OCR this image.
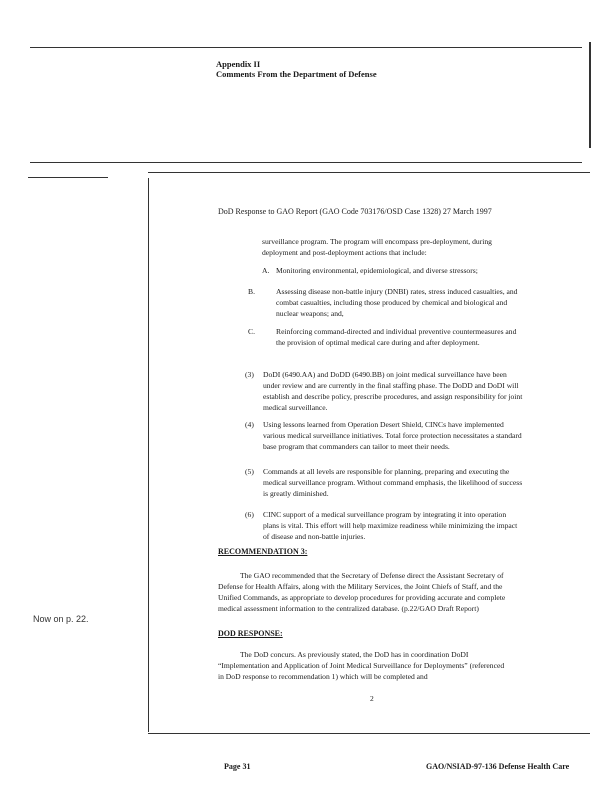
Appendix II
Comments From the Department of Defense
Now on p. 22.
DoD Response to GAO Report (GAO Code 703176/OSD Case 1328) 27 March 1997
surveillance program. The program will encompass pre-deployment, during deployment and post-deployment actions that include:
A. Monitoring environmental, epidemiological, and diverse stressors;
B.	Assessing disease non-battle injury (DNBI) rates, stress induced casualties, and combat casualties, including those produced by chemical and biological and nuclear weapons; and,
C.	Reinforcing command-directed and individual preventive countermeasures and the provision of optimal medical care during and after deployment.
(3) DoDI (6490.AA) and DoDD (6490.BB) on joint medical surveillance have been under review and are currently in the final staffing phase. The DoDD and DoDI will establish and describe policy, prescribe procedures, and assign responsibility for joint medical surveillance.
(4) Using lessons learned from Operation Desert Shield, CINCs have implemented various medical surveillance initiatives. Total force protection necessitates a standard base program that commanders can tailor to meet their needs.
(5) Commands at all levels are responsible for planning, preparing and executing the medical surveillance program. Without command emphasis, the likelihood of success is greatly diminished.
(6) CINC support of a medical surveillance program by integrating it into operation plans is vital. This effort will help maximize readiness while minimizing the impact of disease and non-battle injuries.
RECOMMENDATION 3:
The GAO recommended that the Secretary of Defense direct the Assistant Secretary of Defense for Health Affairs, along with the Military Services, the Joint Chiefs of Staff, and the Unified Commands, as appropriate to develop procedures for providing accurate and complete medical assessment information to the centralized database. (p.22/GAO Draft Report)
DOD RESPONSE:
The DoD concurs. As previously stated, the DoD has in coordination DoDI “Implementation and Application of Joint Medical Surveillance for Deployments” (referenced in DoD response to recommendation 1) which will be completed and
2
Page 31	GAO/NSIAD-97-136 Defense Health Care
